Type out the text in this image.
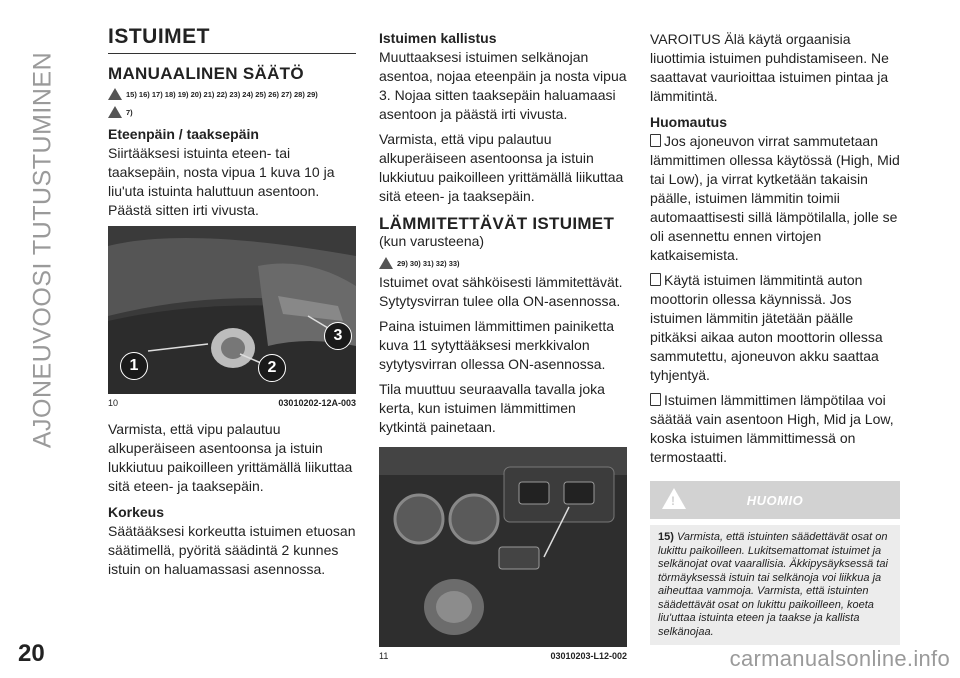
AJONEUVOOSI TUTUSTUMINEN
20
ISTUIMET
MANUAALINEN SÄÄTÖ
15) 16) 17) 18) 19) 20) 21) 22) 23) 24) 25) 26) 27) 28) 29)
7)
Eteenpäin / taaksepäin

Siirtääksesi istuinta eteen- tai taaksepäin, nosta vipua 1 kuva 10 ja liu'uta istuinta haluttuun asentoon. Päästä sitten irti vivusta.

1	2
3
10	03010202-12A-003

Varmista, että vipu palautuu alkuperäiseen asentoonsa ja istuin lukkiutuu paikoilleen yrittämällä liikuttaa sitä eteen- ja taaksepäin.

Korkeus

Säätääksesi korkeutta istuimen etuosan säätimellä, pyöritä säädintä 2 kunnes istuin on haluamassasi asennossa.

Istuimen kallistus

Muuttaaksesi istuimen selkänojan asentoa, nojaa eteenpäin ja nosta vipua 3. Nojaa sitten taaksepäin haluamaasi asentoon ja päästä irti vivusta.

Varmista, että vipu palautuu alkuperäiseen asentoonsa ja istuin lukkiutuu paikoilleen yrittämällä liikuttaa sitä eteen- ja taaksepäin.

LÄMMITETTÄVÄT ISTUIMET

(kun varusteena)

29) 30) 31) 32) 33)

Istuimet ovat sähköisesti lämmitettävät. Sytytysvirran tulee olla ON-asennossa.

Paina istuimen lämmittimen painiketta kuva 11 sytyttääksesi merkkivalon sytytysvirran ollessa ON-asennossa.

Tila muuttuu seuraavalla tavalla joka kerta, kun istuimen lämmittimen kytkintä painetaan.

11	03010203-L12-002

VAROITUS Älä käytä orgaanisia liuottimia istuimen puhdistamiseen. Ne saattavat vaurioittaa istuimen pintaa ja lämmitintä.

Huomautus

Jos ajoneuvon virrat sammutetaan lämmittimen ollessa käytössä (High, Mid tai Low), ja virrat kytketään takaisin päälle, istuimen lämmitin toimii automaattisesti sillä lämpötilalla, jolle se oli asennettu ennen virtojen katkaisemista.

Käytä istuimen lämmitintä auton moottorin ollessa käynnissä. Jos istuimen lämmitin jätetään päälle pitkäksi aikaa auton moottorin ollessa sammutettu, ajoneuvon akku saattaa tyhjentyä.

Istuimen lämmittimen lämpötilaa voi säätää vain asentoon High, Mid ja Low, koska istuimen lämmittimessä on termostaatti.

!
HUOMIO
15) Varmista, että istuinten säädettävät osat on lukittu paikoilleen. Lukitsemattomat istuimet ja selkänojat ovat vaarallisia. Äkkipysäyksessä tai törmäyksessä istuin tai selkänoja voi liikkua ja aiheuttaa vammoja. Varmista, että istuinten säädettävät osat on lukittu paikoilleen, koeta liu'uttaa istuinta eteen ja taakse ja kallista selkänojaa.
carmanualsonline.info
